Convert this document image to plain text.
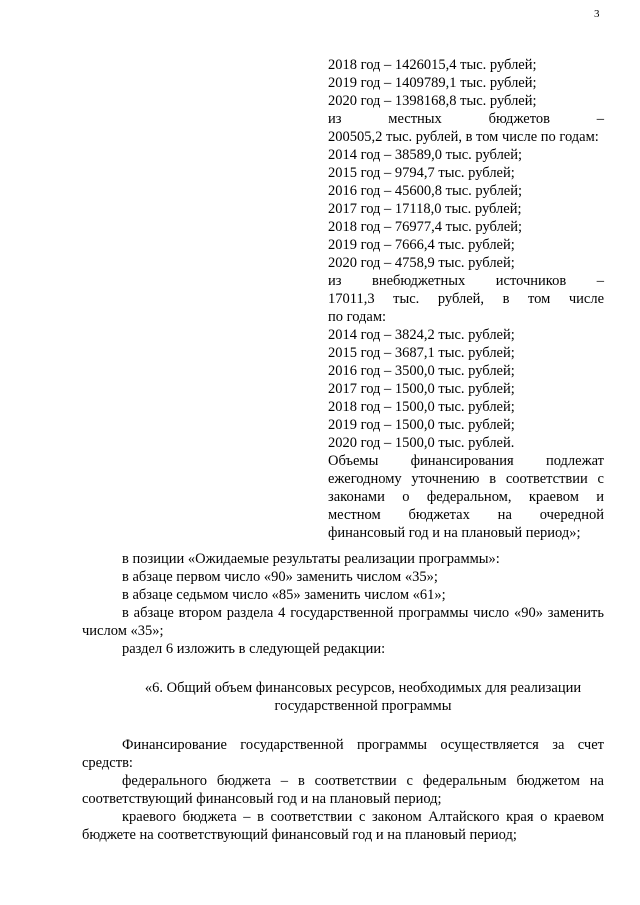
3
2018 год – 1426015,4 тыс. рублей;
2019 год – 1409789,1 тыс. рублей;
2020 год – 1398168,8 тыс. рублей;
из местных бюджетов –
200505,2 тыс. рублей, в том числе по годам:
2014 год – 38589,0 тыс. рублей;
2015 год – 9794,7 тыс. рублей;
2016 год – 45600,8 тыс. рублей;
2017 год – 17118,0 тыс. рублей;
2018 год – 76977,4 тыс. рублей;
2019 год – 7666,4 тыс. рублей;
2020 год – 4758,9 тыс. рублей;
из внебюджетных источников –
17011,3 тыс. рублей, в том числе
по годам:
2014 год – 3824,2 тыс. рублей;
2015 год – 3687,1 тыс. рублей;
2016 год – 3500,0 тыс. рублей;
2017 год – 1500,0 тыс. рублей;
2018 год – 1500,0 тыс. рублей;
2019 год – 1500,0 тыс. рублей;
2020 год – 1500,0 тыс. рублей.
Объемы финансирования подлежат ежегодному уточнению в соответствии с законами о федеральном, краевом и местном бюджетах на очередной финансовый год и на плановый период»;

в позиции «Ожидаемые результаты реализации программы»:

в абзаце первом число «90» заменить числом «35»;

в абзаце седьмом число «85» заменить числом «61»;

в абзаце втором раздела 4 государственной программы число «90» заменить числом «35»;

раздел 6 изложить в следующей редакции:

«6. Общий объем финансовых ресурсов, необходимых для реализации государственной программы

Финансирование государственной программы осуществляется за счет средств:

федерального бюджета – в соответствии с федеральным бюджетом на соответствующий финансовый год и на плановый период;

краевого бюджета – в соответствии с законом Алтайского края о краевом бюджете на соответствующий финансовый год и на плановый период;
